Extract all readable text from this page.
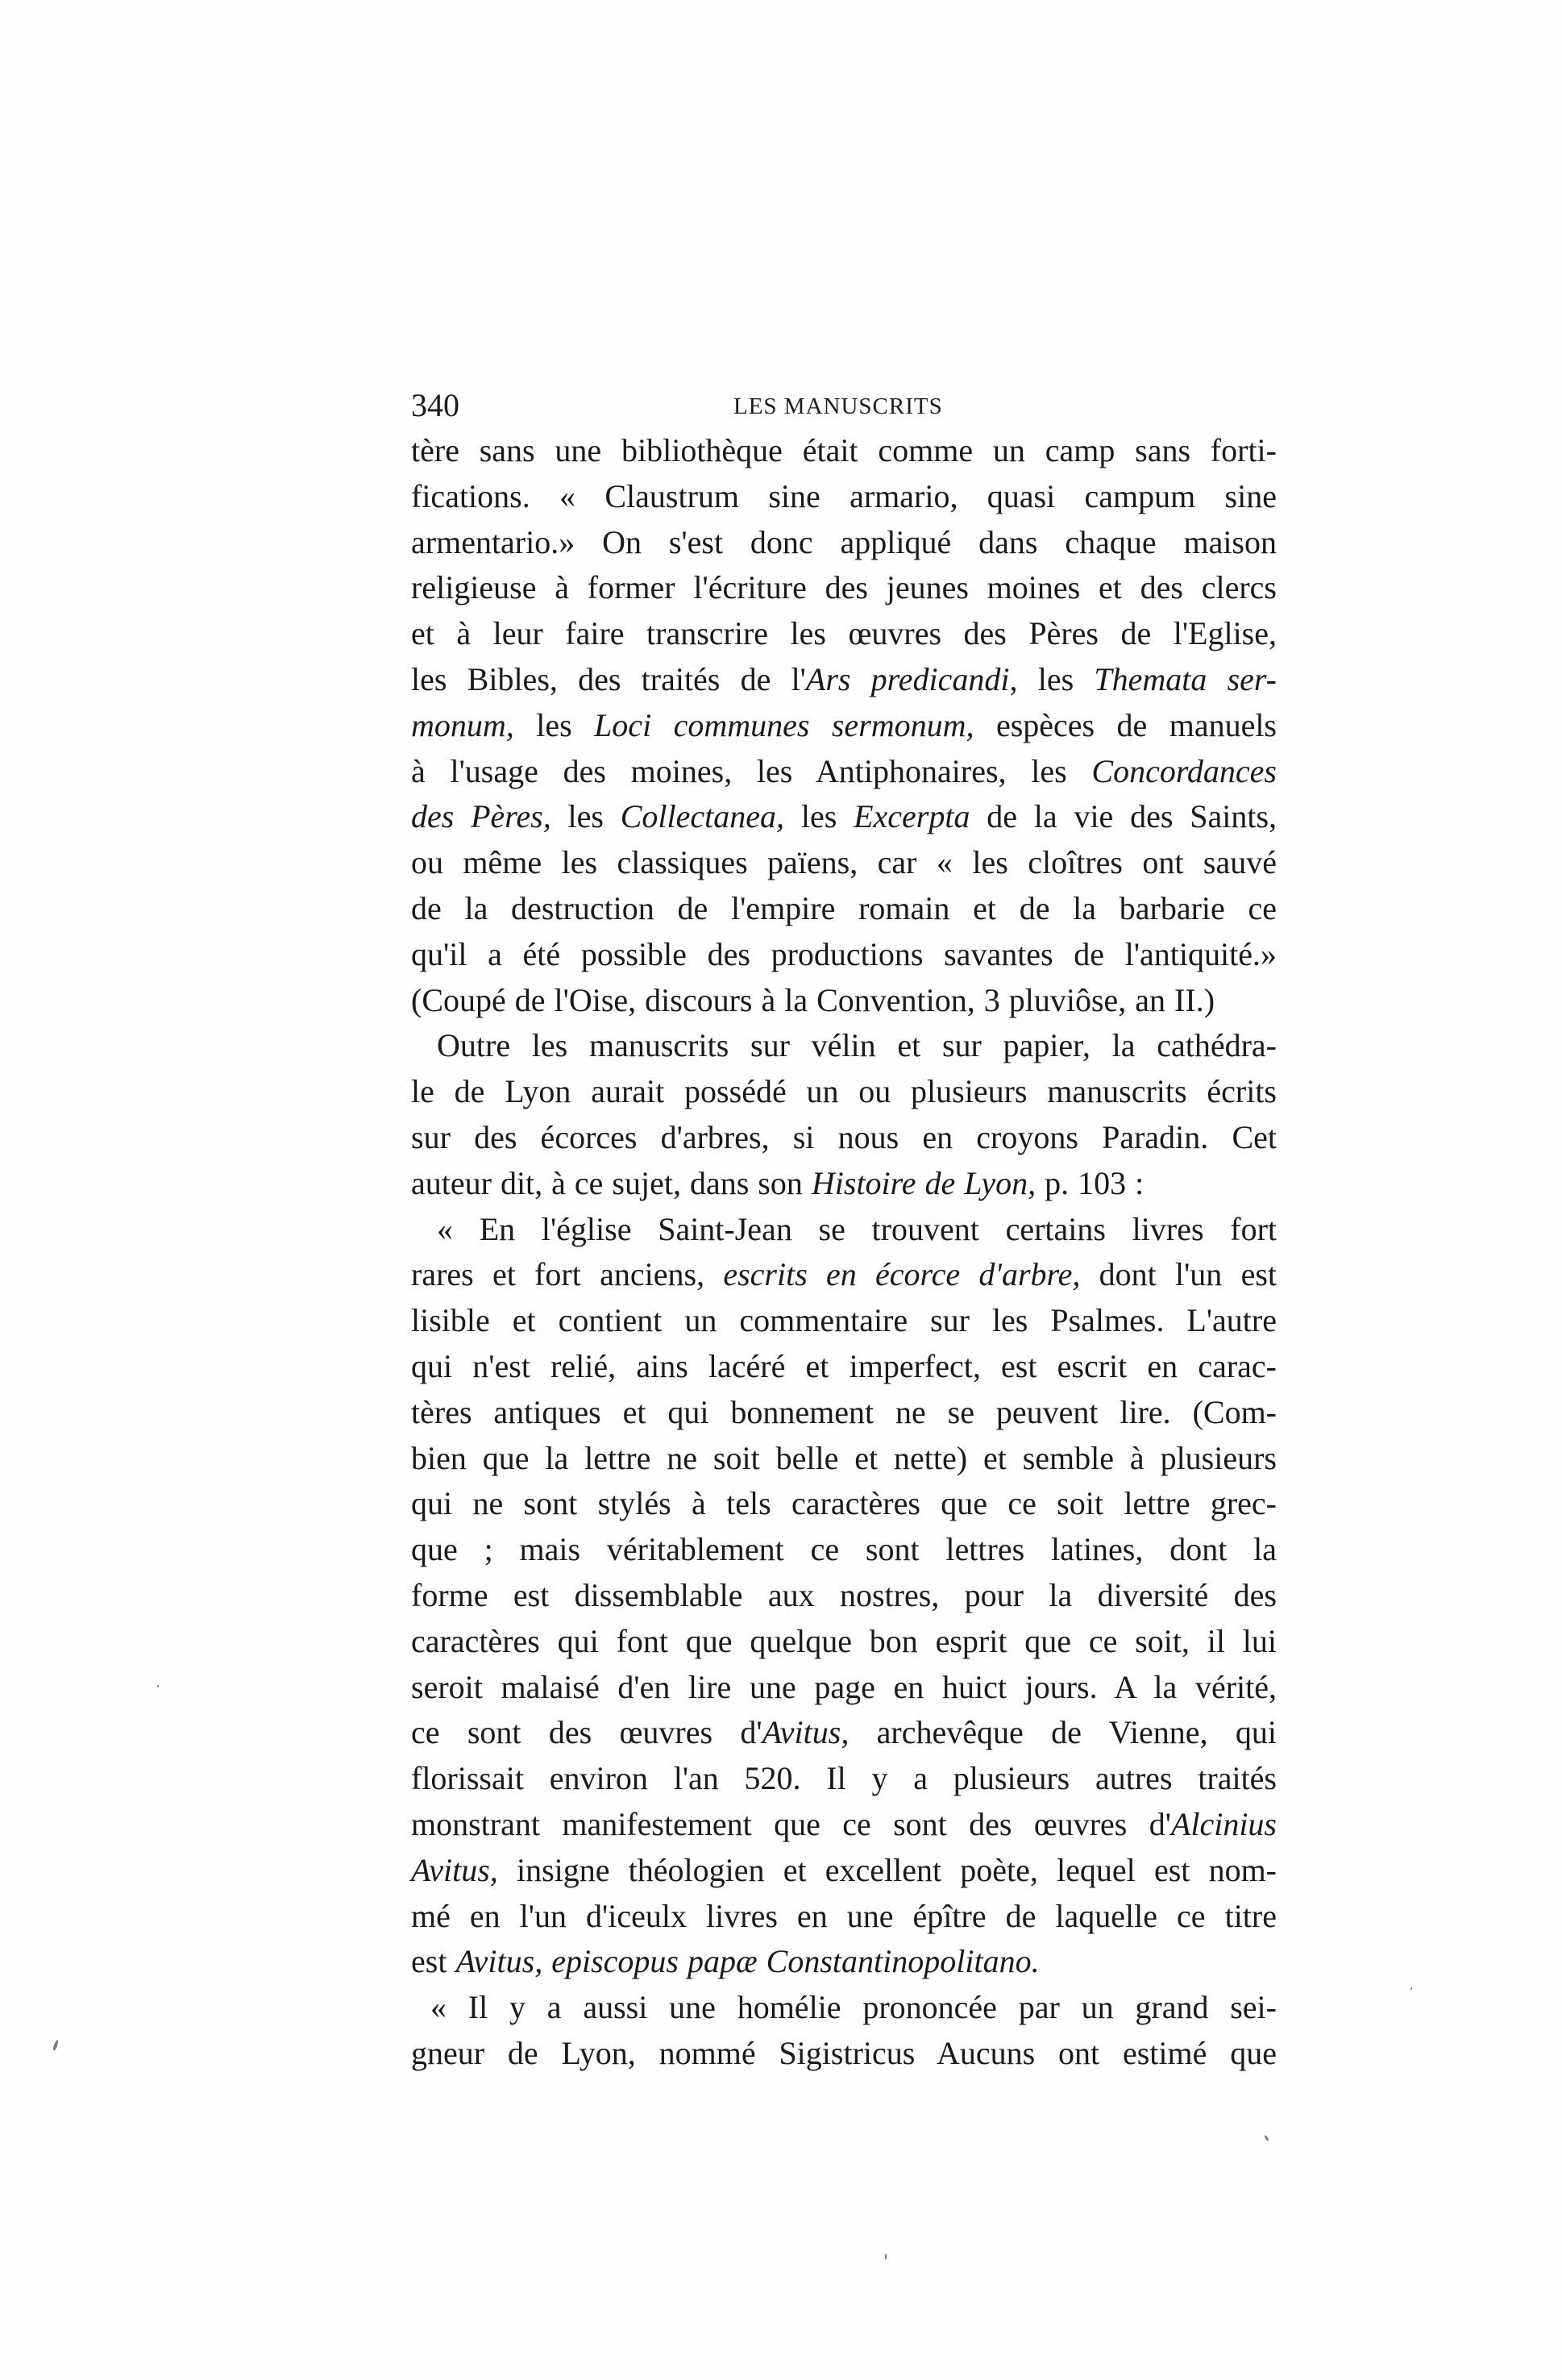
340	LES MANUSCRITS
tère sans une bibliothèque était comme un camp sans forti-
fications. « Claustrum sine armario, quasi campum sine
armentario.» On s'est donc appliqué dans chaque maison
religieuse à former l'écriture des jeunes moines et des clercs
et à leur faire transcrire les œuvres des Pères de l'Eglise,
les Bibles, des traités de l'Ars predicandi, les Themata ser-
monum, les Loci communes sermonum, espèces de manuels
à l'usage des moines, les Antiphonaires, les Concordances
des Pères, les Collectanea, les Excerpta de la vie des Saints,
ou même les classiques païens, car « les cloîtres ont sauvé
de la destruction de l'empire romain et de la barbarie ce
qu'il a été possible des productions savantes de l'antiquité.»
(Coupé de l'Oise, discours à la Convention, 3 pluviôse, an II.)
Outre les manuscrits sur vélin et sur papier, la cathédra-
le de Lyon aurait possédé un ou plusieurs manuscrits écrits
sur des écorces d'arbres, si nous en croyons Paradin. Cet
auteur dit, à ce sujet, dans son Histoire de Lyon, p. 103 :
« En l'église Saint-Jean se trouvent certains livres fort
rares et fort anciens, escrits en écorce d'arbre, dont l'un est
lisible et contient un commentaire sur les Psalmes. L'autre
qui n'est relié, ains lacéré et imperfect, est escrit en carac-
tères antiques et qui bonnement ne se peuvent lire. (Com-
bien que la lettre ne soit belle et nette) et semble à plusieurs
qui ne sont stylés à tels caractères que ce soit lettre grec-
que ; mais véritablement ce sont lettres latines, dont la
forme est dissemblable aux nostres, pour la diversité des
caractères qui font que quelque bon esprit que ce soit, il lui
seroit malaisé d'en lire une page en huict jours. A la vérité,
ce sont des œuvres d'Avitus, archevêque de Vienne, qui
florissait environ l'an 520. Il y a plusieurs autres traités
monstrant manifestement que ce sont des œuvres d'Alcinius
Avitus, insigne théologien et excellent poète, lequel est nom-
mé en l'un d'iceulx livres en une épître de laquelle ce titre
est Avitus, episcopus papæ Constantinopolitano.
« Il y a aussi une homélie prononcée par un grand sei-
gneur de Lyon, nommé Sigistricus Aucuns ont estimé que
